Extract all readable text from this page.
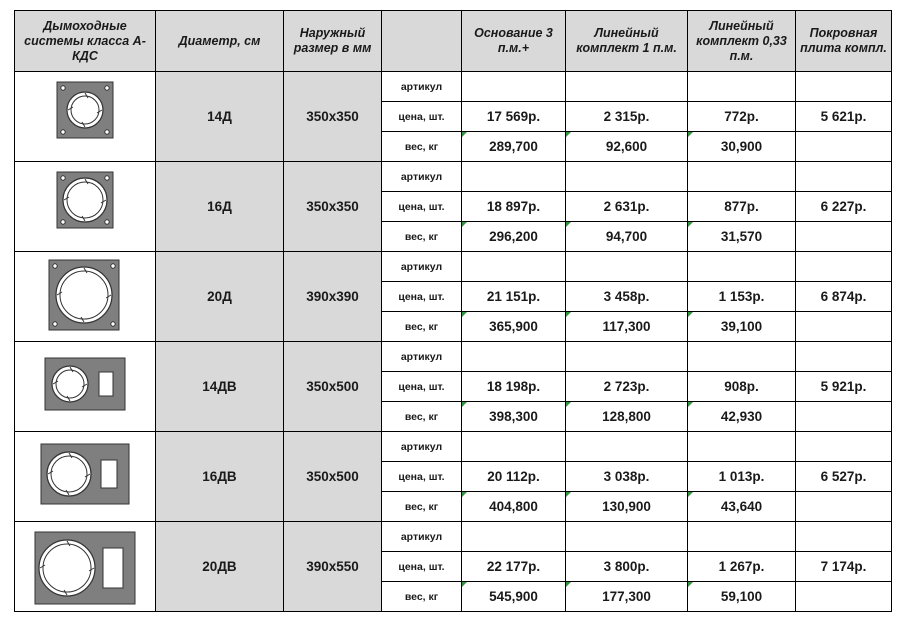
Дымоходные системы класса А-КДС	Диаметр, см	Наружный размер в мм		Основание 3 п.м.+	Линейный комплект 1 п.м.	Линейный комплект 0,33 п.м.	Покровная плита компл.

	14Д	350x350	артикул				
			цена, шт.	17 569р.	2 315р.	772р.	5 621р.
			вес, кг	289,700	92,600	30,900	

	16Д	350x350	артикул				
			цена, шт.	18 897р.	2 631р.	877р.	6 227р.
			вес, кг	296,200	94,700	31,570	

	20Д	390x390	артикул				
			цена, шт.	21 151р.	3 458р.	1 153р.	6 874р.
			вес, кг	365,900	117,300	39,100	

	14ДВ	350x500	артикул				
			цена, шт.	18 198р.	2 723р.	908р.	5 921р.
			вес, кг	398,300	128,800	42,930	

	16ДВ	350x500	артикул				
			цена, шт.	20 112р.	3 038р.	1 013р.	6 527р.
			вес, кг	404,800	130,900	43,640	

	20ДВ	390x550	артикул				
			цена, шт.	22 177р.	3 800р.	1 267р.	7 174р.
			вес, кг	545,900	177,300	59,100	
